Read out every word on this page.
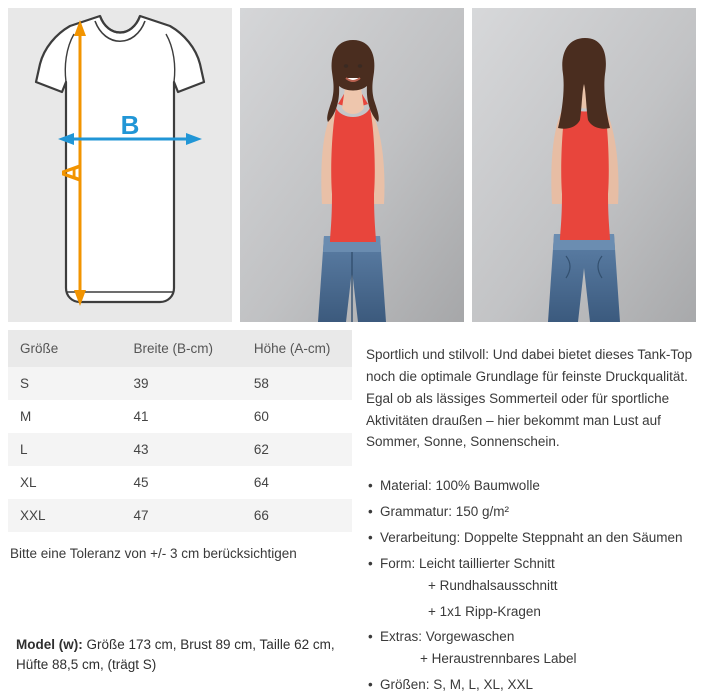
A
B
Größe	Breite (B-cm)	Höhe (A-cm)
S	39	58
M	41	60
L	43	62
XL	45	64
XXL	47	66
Bitte eine Toleranz von +/- 3 cm berücksichtigen

Sportlich und stilvoll: Und dabei bietet dieses Tank-Top noch die optimale Grundlage für feinste Druckqualität. Egal ob als lässiges Sommerteil oder für sportliche Aktivitäten draußen – hier bekommt man Lust auf Sommer, Sonne, Sonnenschein.

• Material: 100% Baumwolle
• Grammatur: 150 g/m²
• Verarbeitung: Doppelte Steppnaht an den Säumen
• Form: Leicht taillierter Schnitt
+ Rundhalsausschnitt
+ 1x1 Ripp-Kragen
• Extras: Vorgewaschen
+ Heraustrennbares Label
• Größen: S, M, L, XL, XXL
Model (w): Größe 173 cm, Brust 89 cm, Taille 62 cm, Hüfte 88,5 cm, (trägt S)
